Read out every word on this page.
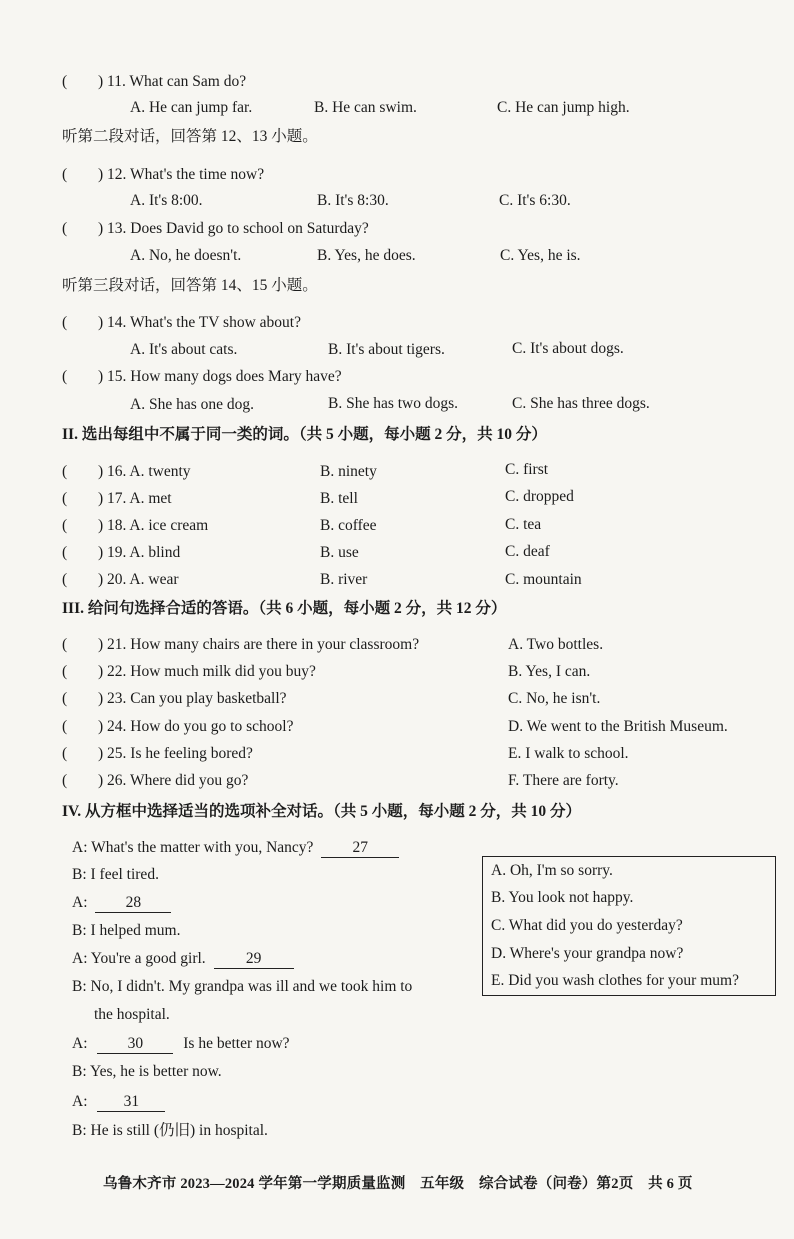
( ) 11. What can Sam do?
A. He can jump far.	B. He can swim.	C. He can jump high.
听第二段对话，回答第 12、13 小题。
( ) 12. What's the time now?
A. It's 8:00.	B. It's 8:30.	C. It's 6:30.
( ) 13. Does David go to school on Saturday?
A. No, he doesn't.	B. Yes, he does.	C. Yes, he is.
听第三段对话，回答第 14、15 小题。
( ) 14. What's the TV show about?
A. It's about cats.	B. It's about tigers.	C. It's about dogs.
( ) 15. How many dogs does Mary have?
A. She has one dog.	B. She has two dogs.	C. She has three dogs.
II. 选出每组中不属于同一类的词。（共 5 小题，每小题 2 分，共 10 分）
( ) 16. A. twenty	B. ninety	C. first
( ) 17. A. met	B. tell	C. dropped
( ) 18. A. ice cream	B. coffee	C. tea
( ) 19. A. blind	B. use	C. deaf
( ) 20. A. wear	B. river	C. mountain
III. 给问句选择合适的答语。（共 6 小题，每小题 2 分，共 12 分）
( ) 21. How many chairs are there in your classroom?	A. Two bottles.
( ) 22. How much milk did you buy?	B. Yes, I can.
( ) 23. Can you play basketball?	C. No, he isn't.
( ) 24. How do you go to school?	D. We went to the British Museum.
( ) 25. Is he feeling bored?	E. I walk to school.
( ) 26. Where did you go?	F. There are forty.
IV. 从方框中选择适当的选项补全对话。（共 5 小题，每小题 2 分，共 10 分）
A: What's the matter with you, Nancy?	27
B: I feel tired.
A: 28
B: I helped mum.
A: You're a good girl.	29
B: No, I didn't. My grandpa was ill and we took him to
the hospital.
A:	30	Is he better now?
B: Yes, he is better now.
A: 31
B: He is still (仍旧) in hospital.
A. Oh, I'm so sorry.
B. You look not happy.
C. What did you do yesterday?
D. Where's your grandpa now?
E. Did you wash clothes for your mum?
乌鲁木齐市 2023—2024 学年第一学期质量监测　五年级　综合试卷（问卷）第2页　共 6 页
